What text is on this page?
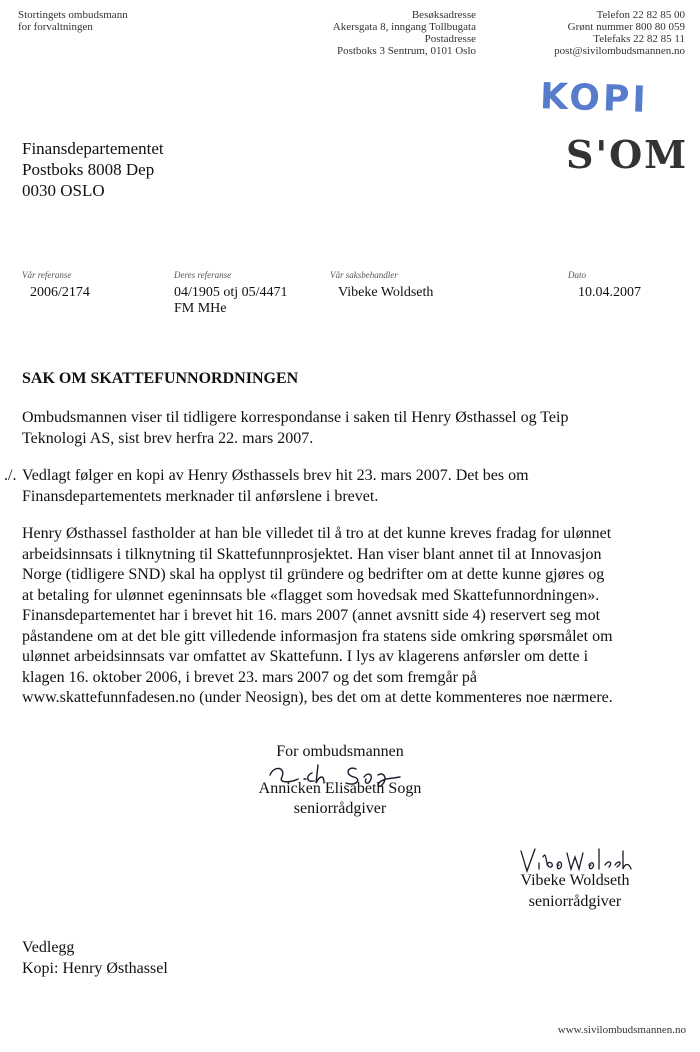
Stortingets ombudsmann
for forvaltningen
Besøksadresse
Akersgata 8, inngang Tollbugata
Postadresse
Postboks 3 Sentrum, 0101 Oslo
Telefon 22 82 85 00
Grønt nummer 800 80 059
Telefaks 22 82 85 11
post@sivilombudsmannen.no
KOPI
S'OM
Finansdepartementet
Postboks 8008 Dep
0030 OSLO
Vår referanse
2006/2174
Deres referanse
04/1905 otj 05/4471
FM MHe
Vår saksbehandler
Vibeke Woldseth
Dato
10.04.2007
SAK OM SKATTEFUNNORDNINGEN
Ombudsmannen viser til tidligere korrespondanse i saken til Henry Østhassel og Teip
Teknologi AS, sist brev herfra 22. mars 2007.
./. Vedlagt følger en kopi av Henry Østhassels brev hit 23. mars 2007. Det bes om
Finansdepartementets merknader til anførslene i brevet.
Henry Østhassel fastholder at han ble villedet til å tro at det kunne kreves fradag for ulønnet
arbeidsinnsats i tilknytning til Skattefunnprosjektet. Han viser blant annet til at Innovasjon
Norge (tidligere SND) skal ha opplyst til gründere og bedrifter om at dette kunne gjøres og
at betaling for ulønnet egeninnsats ble «flagget som hovedsak med Skattefunnordningen».
Finansdepartementet har i brevet hit 16. mars 2007 (annet avsnitt side 4) reservert seg mot
påstandene om at det ble gitt villedende informasjon fra statens side omkring spørsmålet om
ulønnet arbeidsinnsats var omfattet av Skattefunn. I lys av klagerens anførsler om dette i
klagen 16. oktober 2006, i brevet 23. mars 2007 og det som fremgår på
www.skattefunnfadesen.no (under Neosign), bes det om at dette kommenteres noe nærmere.
For ombudsmannen
Annicken Elisabeth Sogn
seniorrådgiver
Vibeke Woldseth
seniorrådgiver
Vedlegg
Kopi: Henry Østhassel
www.sivilombudsmannen.no
